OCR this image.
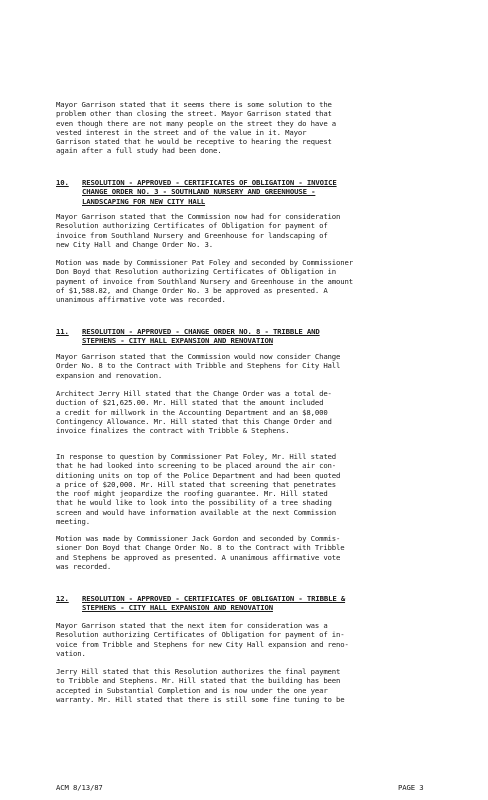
Mayor Garrison stated that it seems there is some solution to the
problem other than closing the street. Mayor Garrison stated that
even though there are not many people on the street they do have a
vested interest in the street and of the value in it. Mayor
Garrison stated that he would be receptive to hearing the request
again after a full study had been done.

10. RESOLUTION - APPROVED - CERTIFICATES OF OBLIGATION - INVOICE
CHANGE ORDER NO. 3 - SOUTHLAND NURSERY AND GREENHOUSE -
LANDSCAPING FOR NEW CITY HALL

Mayor Garrison stated that the Commission now had for consideration
Resolution authorizing Certificates of Obligation for payment of
invoice from Southland Nursery and Greenhouse for landscaping of
new City Hall and Change Order No. 3.

Motion was made by Commissioner Pat Foley and seconded by Commissioner
Don Boyd that Resolution authorizing Certificates of Obligation in
payment of invoice from Southland Nursery and Greenhouse in the amount
of $1,588.82, and Change Order No. 3 be approved as presented. A
unanimous affirmative vote was recorded.

11. RESOLUTION - APPROVED - CHANGE ORDER NO. 8 - TRIBBLE AND
STEPHENS - CITY HALL EXPANSION AND RENOVATION

Mayor Garrison stated that the Commission would now consider Change
Order No. 8 to the Contract with Tribble and Stephens for City Hall
expansion and renovation.

Architect Jerry Hill stated that the Change Order was a total de-
duction of $21,625.00. Mr. Hill stated that the amount included
a credit for millwork in the Accounting Department and an $8,000
Contingency Allowance. Mr. Hill stated that this Change Order and
invoice finalizes the contract with Tribble & Stephens.

In response to question by Commissioner Pat Foley, Mr. Hill stated
that he had looked into screening to be placed around the air con-
ditioning units on top of the Police Department and had been quoted
a price of $20,000. Mr. Hill stated that screening that penetrates
the roof might jeopardize the roofing guarantee. Mr. Hill stated
that he would like to look into the possibility of a tree shading
screen and would have information available at the next Commission
meeting.

Motion was made by Commissioner Jack Gordon and seconded by Commis-
sioner Don Boyd that Change Order No. 8 to the Contract with Tribble
and Stephens be approved as presented. A unanimous affirmative vote
was recorded.

12. RESOLUTION - APPROVED - CERTIFICATES OF OBLIGATION - TRIBBLE &
STEPHENS - CITY HALL EXPANSION AND RENOVATION

Mayor Garrison stated that the next item for consideration was a
Resolution authorizing Certificates of Obligation for payment of in-
voice from Tribble and Stephens for new City Hall expansion and reno-
vation.

Jerry Hill stated that this Resolution authorizes the final payment
to Tribble and Stephens. Mr. Hill stated that the building has been
accepted in Substantial Completion and is now under the one year
warranty. Mr. Hill stated that there is still some fine tuning to be

ACM 8/13/87	PAGE 3
